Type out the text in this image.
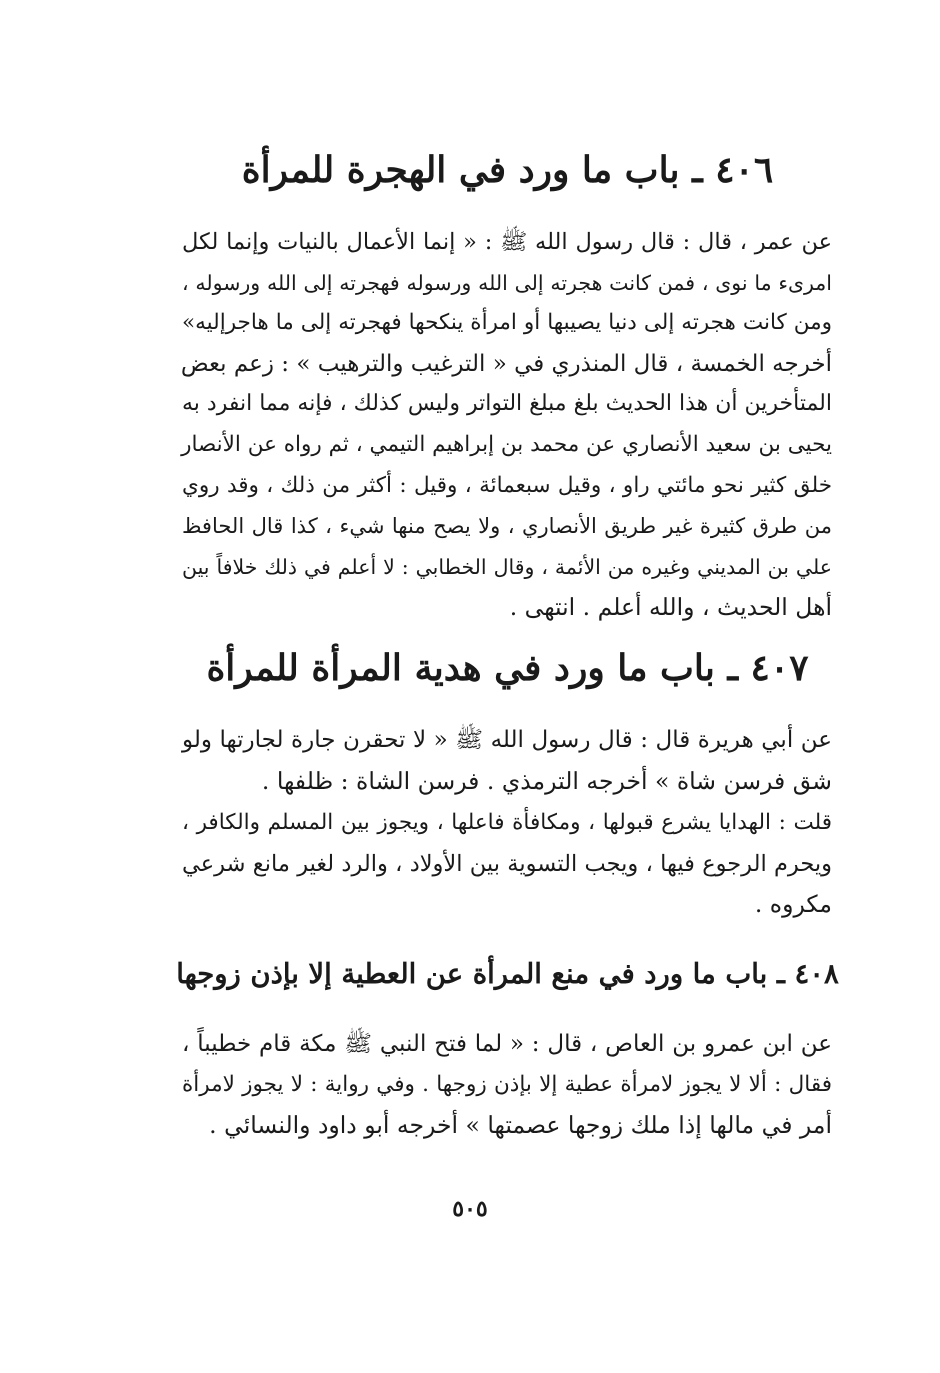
٤٠٦ ـ باب ما ورد في الهجرة للمرأة
عن عمر ، قال : قال رسول الله ﷺ : « إنما الأعمال بالنيات وإنما لكل
امرىء ما نوى ، فمن كانت هجرته إلى الله ورسوله فهجرته إلى الله ورسوله ،
ومن كانت هجرته إلى دنيا يصيبها أو امرأة ينكحها فهجرته إلى ما هاجرإليه»
أخرجه الخمسة ، قال المنذري في « الترغيب والترهيب » : زعم بعض
المتأخرين أن هذا الحديث بلغ مبلغ التواتر وليس كذلك ، فإنه مما انفرد به
يحيى بن سعيد الأنصاري عن محمد بن إبراهيم التيمي ، ثم رواه عن الأنصار
خلق كثير نحو مائتي راو ، وقيل سبعمائة ، وقيل : أكثر من ذلك ، وقد روي
من طرق كثيرة غير طريق الأنصاري ، ولا يصح منها شيء ، كذا قال الحافظ
علي بن المديني وغيره من الأئمة ، وقال الخطابي : لا أعلم في ذلك خلافاً بين
أهل الحديث ، والله أعلم . انتهى .
٤٠٧ ـ باب ما ورد في هدية المرأة للمرأة
عن أبي هريرة قال : قال رسول الله ﷺ « لا تحقرن جارة لجارتها ولو
شق فرسن شاة » أخرجه الترمذي . فرسن الشاة : ظلفها .
قلت : الهدايا يشرع قبولها ، ومكافأة فاعلها ، ويجوز بين المسلم والكافر ،
ويحرم الرجوع فيها ، ويجب التسوية بين الأولاد ، والرد لغير مانع شرعي
مكروه .
٤٠٨ ـ باب ما ورد في منع المرأة عن العطية إلا بإذن زوجها
عن ابن عمرو بن العاص ، قال : « لما فتح النبي ﷺ مكة قام خطيباً ،
فقال : ألا لا يجوز لامرأة عطية إلا بإذن زوجها . وفي رواية : لا يجوز لامرأة
أمر في مالها إذا ملك زوجها عصمتها » أخرجه أبو داود والنسائي .
٥٠٥
